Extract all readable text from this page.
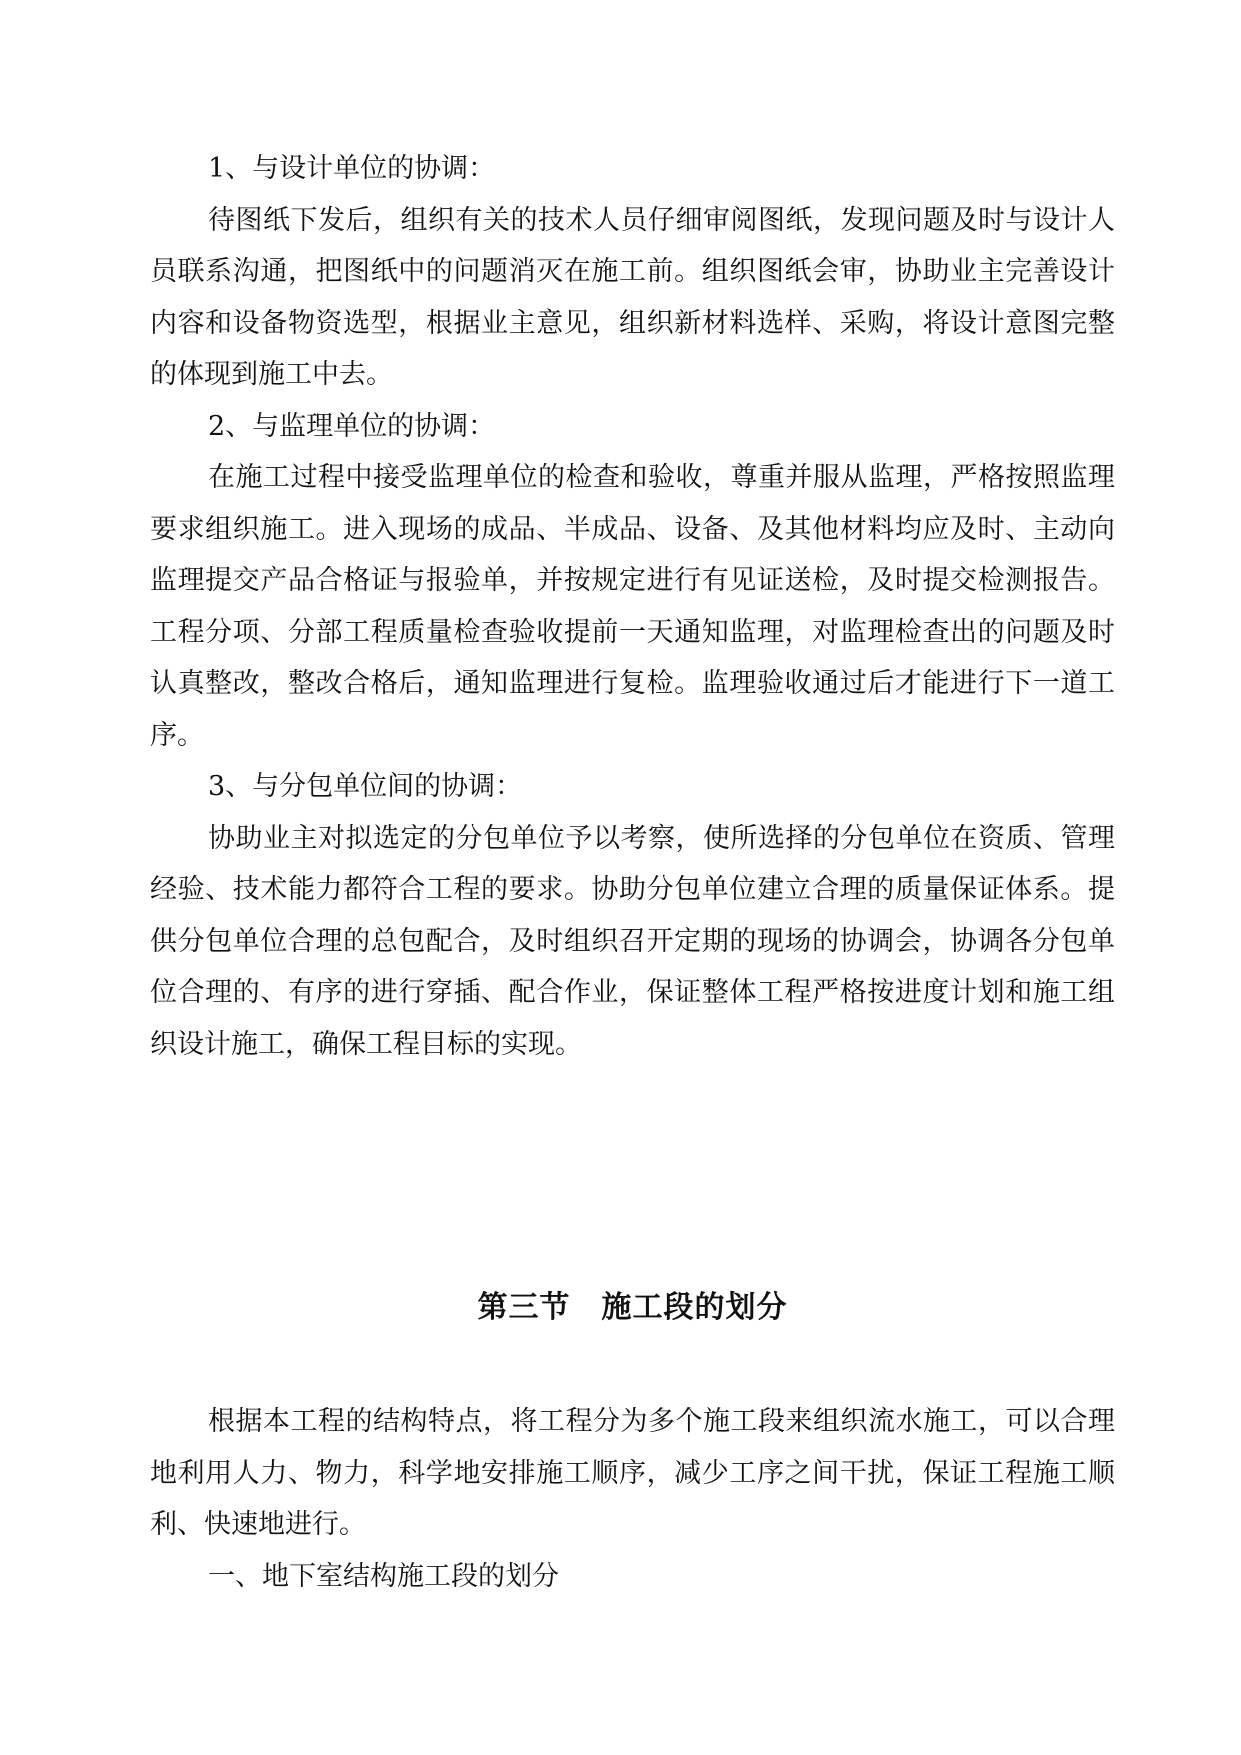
1、与设计单位的协调：

待图纸下发后，组织有关的技术人员仔细审阅图纸，发现问题及时与设计人员联系沟通，把图纸中的问题消灭在施工前。组织图纸会审，协助业主完善设计内容和设备物资选型，根据业主意见，组织新材料选样、采购，将设计意图完整的体现到施工中去。

2、与监理单位的协调：

在施工过程中接受监理单位的检查和验收，尊重并服从监理，严格按照监理要求组织施工。进入现场的成品、半成品、设备、及其他材料均应及时、主动向监理提交产品合格证与报验单，并按规定进行有见证送检，及时提交检测报告。工程分项、分部工程质量检查验收提前一天通知监理，对监理检查出的问题及时认真整改，整改合格后，通知监理进行复检。监理验收通过后才能进行下一道工序。

3、与分包单位间的协调：

协助业主对拟选定的分包单位予以考察，使所选择的分包单位在资质、管理经验、技术能力都符合工程的要求。协助分包单位建立合理的质量保证体系。提供分包单位合理的总包配合，及时组织召开定期的现场的协调会，协调各分包单位合理的、有序的进行穿插、配合作业，保证整体工程严格按进度计划和施工组织设计施工，确保工程目标的实现。

第三节　施工段的划分

根据本工程的结构特点，将工程分为多个施工段来组织流水施工，可以合理地利用人力、物力，科学地安排施工顺序，减少工序之间干扰，保证工程施工顺利、快速地进行。

一、地下室结构施工段的划分
